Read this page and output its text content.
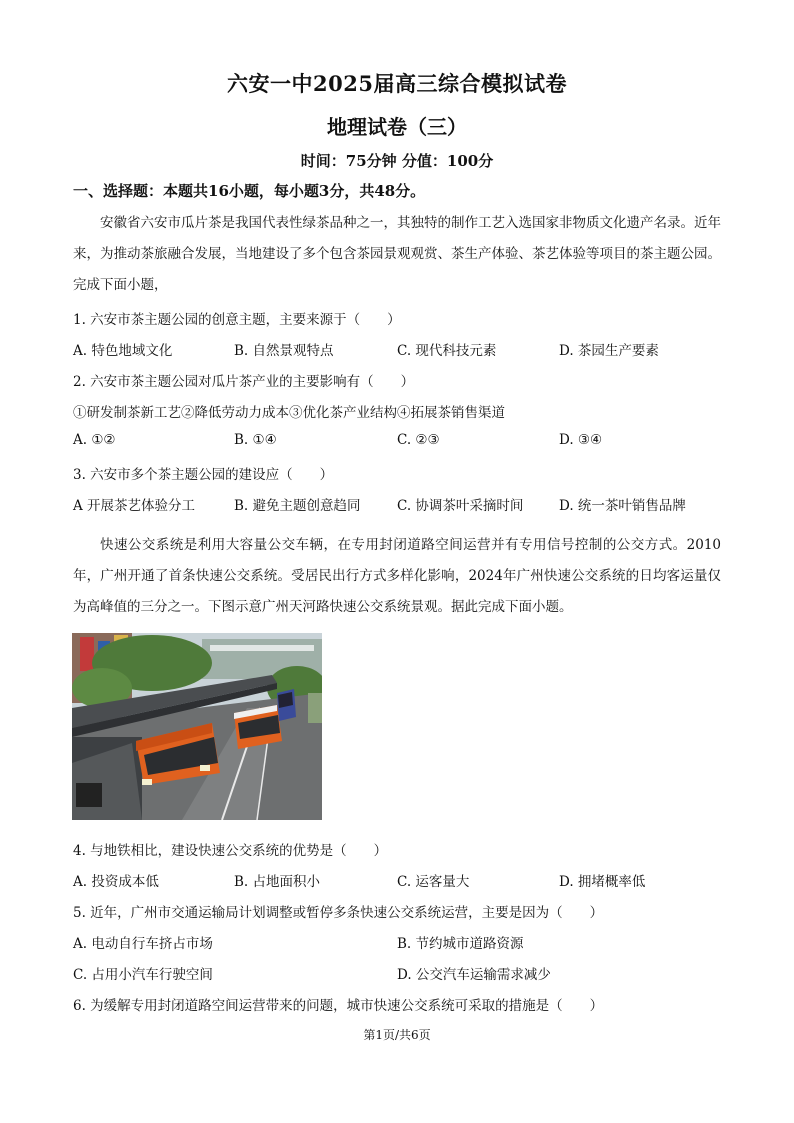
六安一中2025届高三综合模拟试卷
地理试卷（三）
时间：75分钟 分值：100分
一、选择题：本题共16小题，每小题3分，共48分。
安徽省六安市瓜片茶是我国代表性绿茶品种之一，其独特的制作工艺入选国家非物质文化遗产名录。近年来，为推动茶旅融合发展，当地建设了多个包含茶园景观观赏、茶生产体验、茶艺体验等项目的茶主题公园。完成下面小题，
1. 六安市茶主题公园的创意主题，主要来源于（　　）
A. 特色地域文化	B. 自然景观特点	C. 现代科技元素	D. 茶园生产要素
2. 六安市茶主题公园对瓜片茶产业的主要影响有（　　）
①研发制茶新工艺②降低劳动力成本③优化茶产业结构④拓展茶销售渠道
A. ①②	B. ①④	C. ②③	D. ③④
3. 六安市多个茶主题公园的建设应（　　）
A 开展茶艺体验分工	B. 避免主题创意趋同	C. 协调茶叶采摘时间	D. 统一茶叶销售品牌
快速公交系统是利用大容量公交车辆，在专用封闭道路空间运营并有专用信号控制的公交方式。2010年，广州开通了首条快速公交系统。受居民出行方式多样化影响，2024年广州快速公交系统的日均客运量仅为高峰值的三分之一。下图示意广州天河路快速公交系统景观。据此完成下面小题。
4. 与地铁相比，建设快速公交系统的优势是（　　）
A. 投资成本低	B. 占地面积小	C. 运客量大	D. 拥堵概率低
5. 近年，广州市交通运输局计划调整或暂停多条快速公交系统运营，主要是因为（　　）
A. 电动自行车挤占市场	B. 节约城市道路资源
C. 占用小汽车行驶空间	D. 公交汽车运输需求减少
6. 为缓解专用封闭道路空间运营带来的问题，城市快速公交系统可采取的措施是（　　）
第1页/共6页
